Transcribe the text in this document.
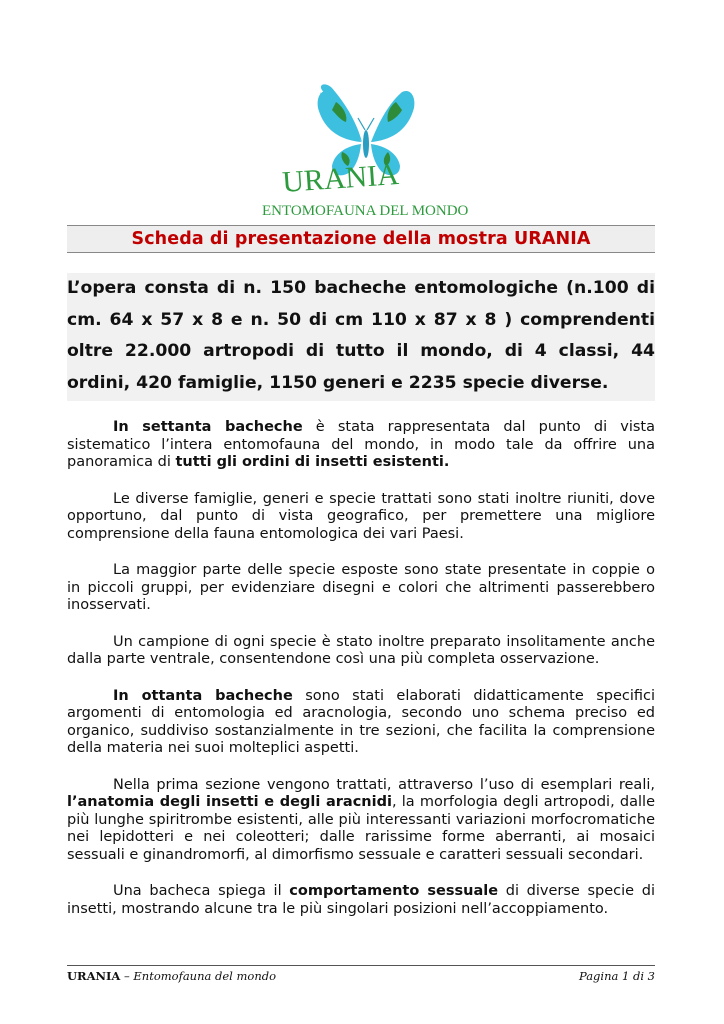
URANIA
ENTOMOFAUNA DEL MONDO
Scheda di presentazione della mostra URANIA

L’opera consta di n. 150 bacheche entomologiche (n.100 di cm. 64 x 57 x 8 e n. 50 di cm 110 x 87 x 8 ) comprendenti oltre 22.000 artropodi di tutto il mondo, di 4 classi, 44 ordini, 420 famiglie, 1150 generi e 2235 specie diverse.

In settanta bacheche è stata rappresentata dal punto di vista sistematico l’intera entomofauna del mondo, in modo tale da offrire una panoramica di tutti gli ordini di insetti esistenti.

Le diverse famiglie, generi e specie trattati sono stati inoltre riuniti, dove opportuno, dal punto di vista geografico, per premettere una migliore comprensione della fauna entomologica dei vari Paesi.

La maggior parte delle specie esposte sono state presentate in coppie o in piccoli gruppi, per evidenziare disegni e colori che altrimenti passerebbero inosservati.

Un campione di ogni specie è stato inoltre preparato insolitamente anche dalla parte ventrale, consentendone così una più completa osservazione.

In ottanta bacheche sono stati elaborati didatticamente specifici argomenti di entomologia ed aracnologia, secondo uno schema preciso ed organico, suddiviso sostanzialmente in tre sezioni, che facilita la comprensione della materia nei suoi molteplici aspetti.

Nella prima sezione vengono trattati, attraverso l’uso di esemplari reali, l’anatomia degli insetti e degli aracnidi, la morfologia degli artropodi, dalle più lunghe spiritrombe esistenti, alle più interessanti variazioni morfocromatiche nei lepidotteri e nei coleotteri; dalle rarissime forme aberranti, ai mosaici sessuali e ginandromorfi, al dimorfismo sessuale e caratteri sessuali secondari.

Una bacheca spiega il comportamento sessuale di diverse specie di insetti, mostrando alcune tra le più singolari posizioni nell’accoppiamento.

URANIA – Entomofauna del mondo	Pagina 1 di 3
